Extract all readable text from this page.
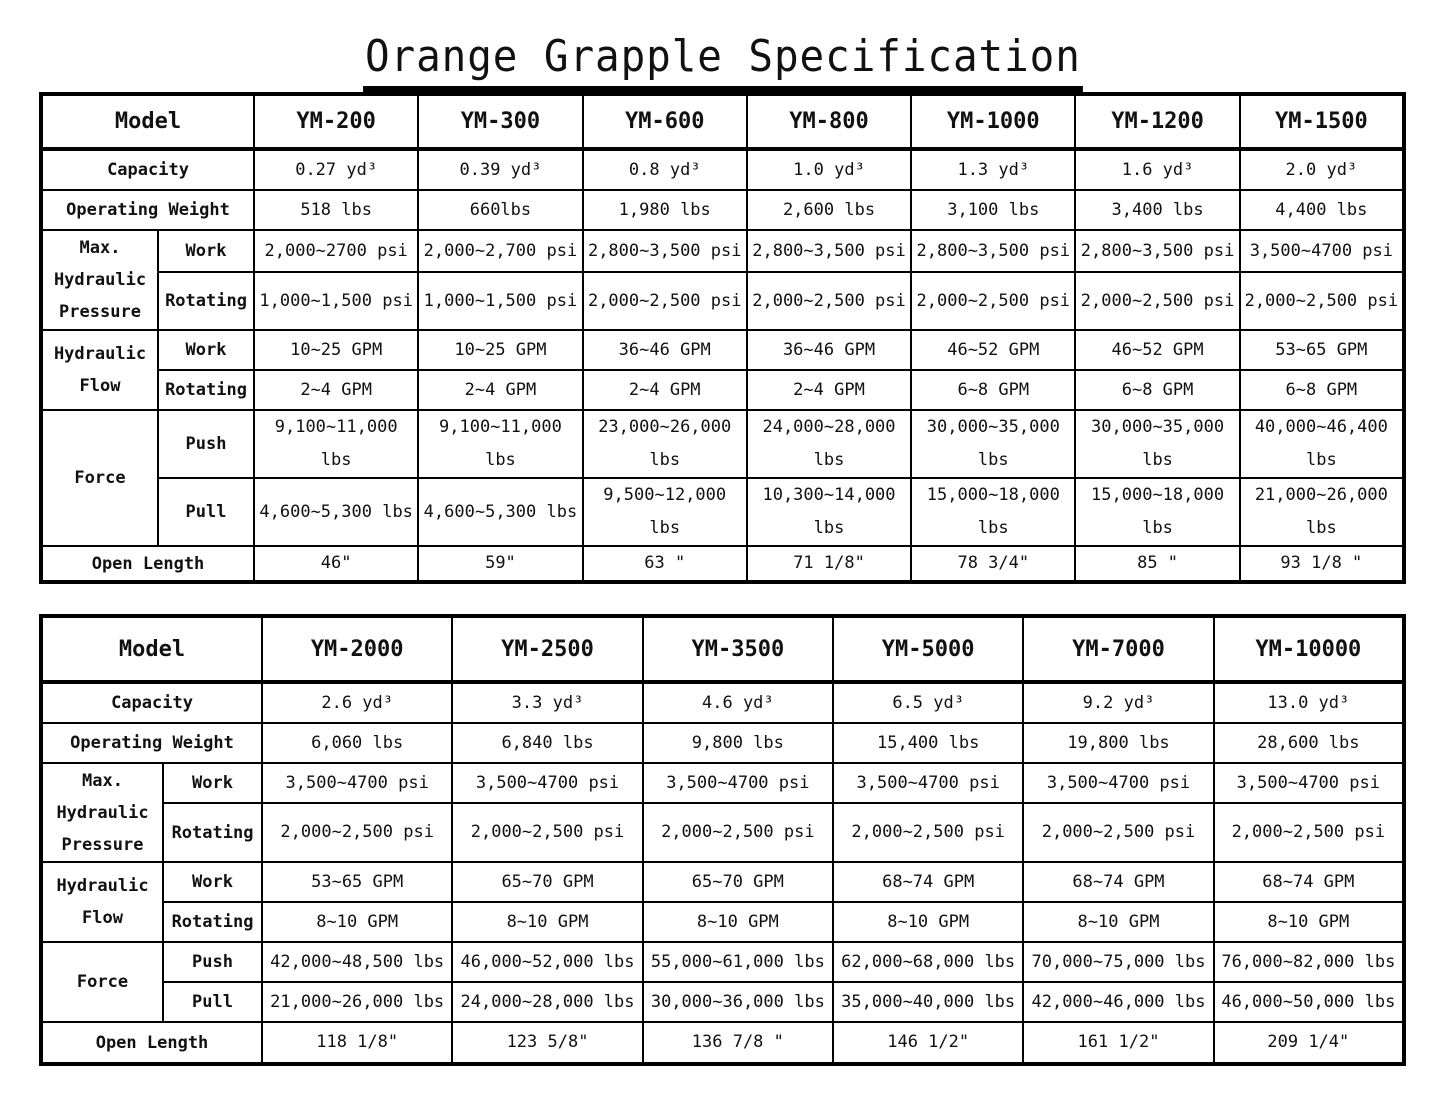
Orange Grapple Specification
Model		YM-200	YM-300	YM-600	YM-800	YM-1000	YM-1200	YM-1500
Capacity		0.27 yd³	0.39 yd³	0.8 yd³	1.0 yd³	1.3 yd³	1.6 yd³	2.0 yd³
Operating Weight		518 lbs	660lbs	1,980 lbs	2,600 lbs	3,100 lbs	3,400 lbs	4,400 lbs

Max.
Hydraulic
Pressure	Work	2,000~2700 psi	2,000~2,700 psi	2,800~3,500 psi	2,800~3,500 psi	2,800~3,500 psi	2,800~3,500 psi	3,500~4700 psi
	Rotating	1,000~1,500 psi	1,000~1,500 psi	2,000~2,500 psi	2,000~2,500 psi	2,000~2,500 psi	2,000~2,500 psi	2,000~2,500 psi

Hydraulic
Flow	Work	10~25 GPM	10~25 GPM	36~46 GPM	36~46 GPM	46~52 GPM	46~52 GPM	53~65 GPM
	Rotating	2~4 GPM	2~4 GPM	2~4 GPM	2~4 GPM	6~8 GPM	6~8 GPM	6~8 GPM
Force	Push	9,100~11,000 lbs	9,100~11,000 lbs	23,000~26,000 lbs	24,000~28,000 lbs	30,000~35,000 lbs	30,000~35,000 lbs	40,000~46,400 lbs
	Pull	4,600~5,300 lbs	4,600~5,300 lbs	9,500~12,000 lbs	10,300~14,000 lbs	15,000~18,000 lbs	15,000~18,000 lbs	21,000~26,000 lbs
Open Length		46"	59"	63 "	71 1/8"	78 3/4"	85 "	93 1/8 "
Model		YM-2000	YM-2500	YM-3500	YM-5000	YM-7000	YM-10000
Capacity		2.6 yd³	3.3 yd³	4.6 yd³	6.5 yd³	9.2 yd³	13.0 yd³
Operating Weight		6,060 lbs	6,840 lbs	9,800 lbs	15,400 lbs	19,800 lbs	28,600 lbs

Max.
Hydraulic
Pressure	Work	3,500~4700 psi	3,500~4700 psi	3,500~4700 psi	3,500~4700 psi	3,500~4700 psi	3,500~4700 psi
	Rotating	2,000~2,500 psi	2,000~2,500 psi	2,000~2,500 psi	2,000~2,500 psi	2,000~2,500 psi	2,000~2,500 psi

Hydraulic
Flow	Work	53~65 GPM	65~70 GPM	65~70 GPM	68~74 GPM	68~74 GPM	68~74 GPM
	Rotating	8~10 GPM	8~10 GPM	8~10 GPM	8~10 GPM	8~10 GPM	8~10 GPM
Force	Push	42,000~48,500 lbs	46,000~52,000 lbs	55,000~61,000 lbs	62,000~68,000 lbs	70,000~75,000 lbs	76,000~82,000 lbs
	Pull	21,000~26,000 lbs	24,000~28,000 lbs	30,000~36,000 lbs	35,000~40,000 lbs	42,000~46,000 lbs	46,000~50,000 lbs
Open Length		118 1/8"	123 5/8"	136 7/8 "	146 1/2"	161 1/2"	209 1/4"
